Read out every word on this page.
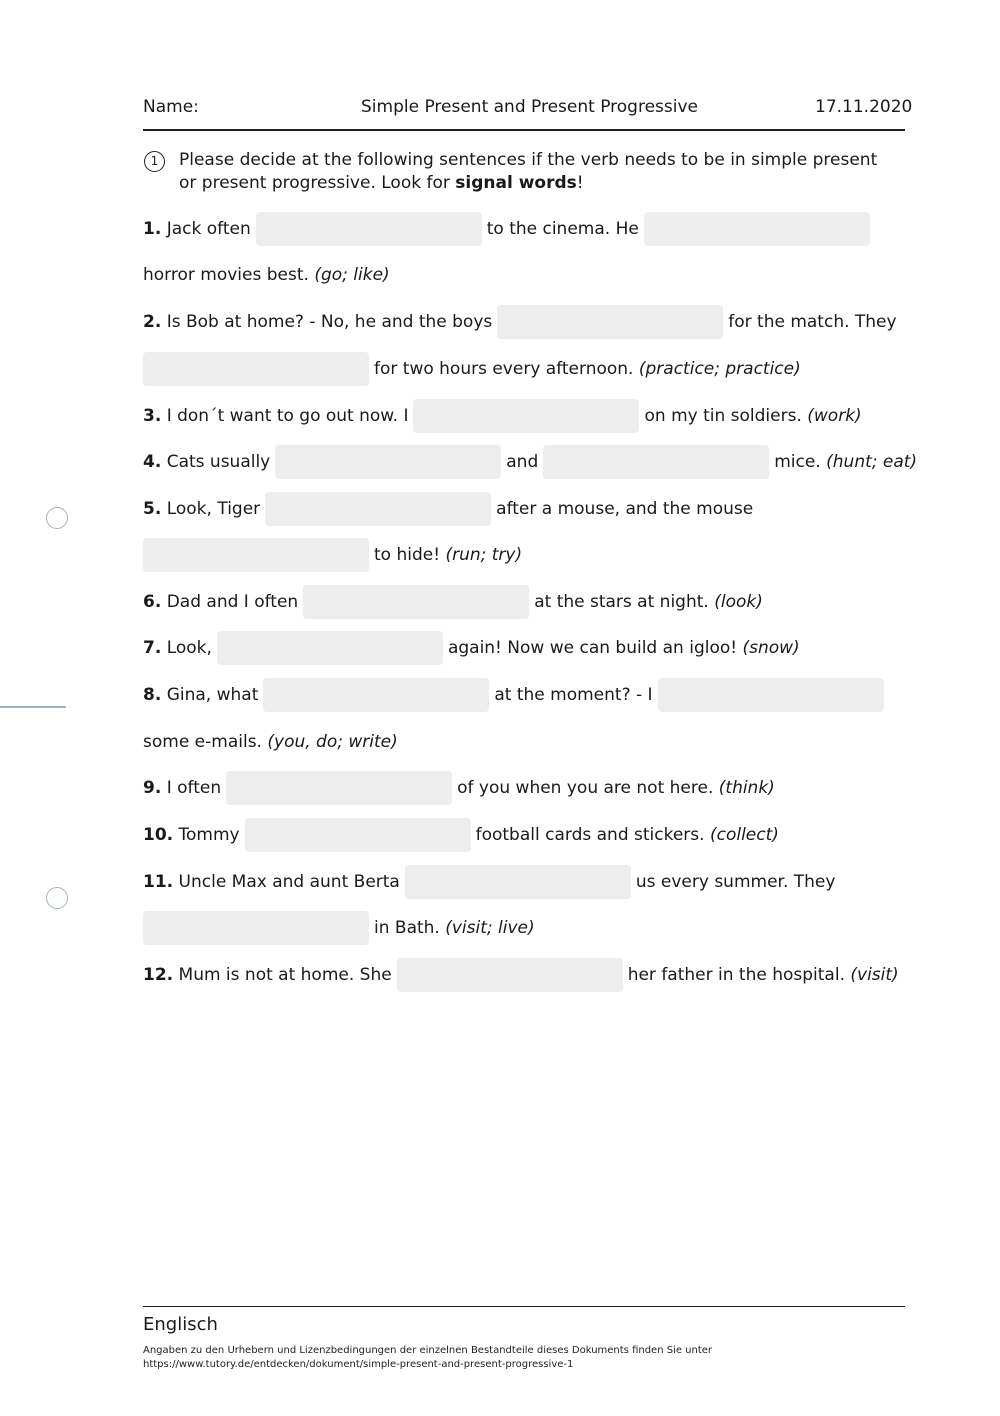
Name:	Simple Present and Present Progressive	17.11.2020
1	Please decide at the following sentences if the verb needs to be in simple present or present progressive. Look for signal words!
1. Jack often	to the cinema. He
horror movies best. (go; like)
2. Is Bob at home? - No, he and the boys	for the match. They
for two hours every afternoon. (practice; practice)
3. I don´t want to go out now. I	on my tin soldiers. (work)
4. Cats usually	and	mice. (hunt; eat)
5. Look, Tiger	after a mouse, and the mouse
to hide! (run; try)
6. Dad and I often	at the stars at night. (look)
7. Look,	again! Now we can build an igloo! (snow)
8. Gina, what	at the moment? - I
some e-mails. (you, do; write)
9. I often	of you when you are not here. (think)
10. Tommy	football cards and stickers. (collect)
11. Uncle Max and aunt Berta	us every summer. They
in Bath. (visit; live)
12. Mum is not at home. She	her father in the hospital. (visit)
Englisch
Angaben zu den Urhebern und Lizenzbedingungen der einzelnen Bestandteile dieses Dokuments finden Sie unter
https://www.tutory.de/entdecken/dokument/simple-present-and-present-progressive-1
